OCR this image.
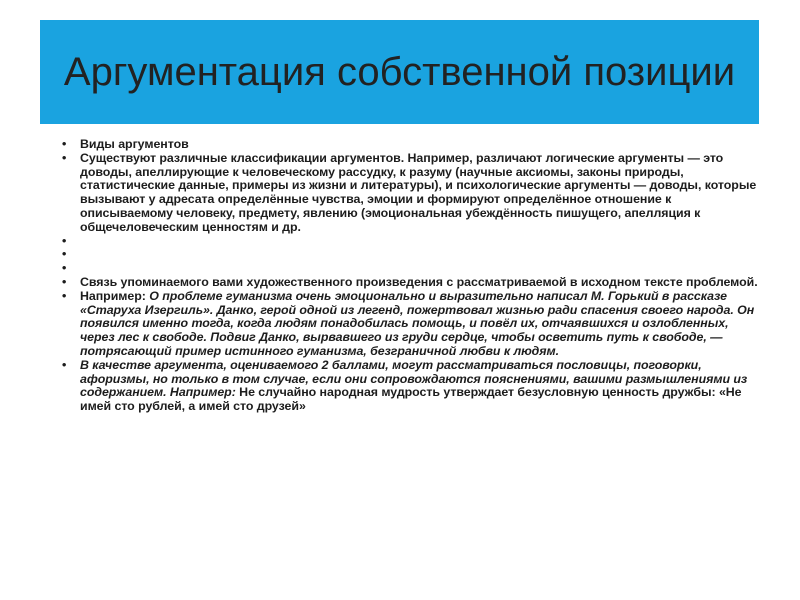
Аргументация собственной позиции
• Виды аргументов
• Существуют различные классификации аргументов. Например, различают логические аргументы — это доводы, апеллирующие к человеческому рассудку, к разуму (научные аксиомы, законы природы, статистические данные, примеры из жизни и литературы), и психологические аргументы — доводы, которые вызывают у адресата определённые чувства, эмоции и формируют определённое отношение к описываемому человеку, предмету, явлению (эмоциональная убеждённость пишущего, апелляция к общечеловеческим ценностям и др.
•
•
•
• Связь упоминаемого вами художественного произведения с рассматриваемой в исходном тексте проблемой.
• Например: О проблеме гуманизма очень эмоционально и выразительно написал М. Горький в рассказе «Старуха Изергиль». Данко, герой одной из легенд, пожертвовал жизнью ради спасения своего народа. Он появился именно тогда, когда людям понадобилась помощь, и повёл их, отчаявшихся и озлобленных, через лес к свободе. Подвиг Данко, вырвавшего из груди сердце, чтобы осветить путь к свободе, — потрясающий пример истинного гуманизма, безграничной любви к людям.
• В качестве аргумента, оцениваемого 2 баллами, могут рассматриваться пословицы, поговорки, афоризмы, но только в том случае, если они сопровождаются пояснениями, вашими размышлениями из содержанием. Например: Не случайно народная мудрость утверждает безусловную ценность дружбы: «Не имей сто рублей, а имей сто друзей»
